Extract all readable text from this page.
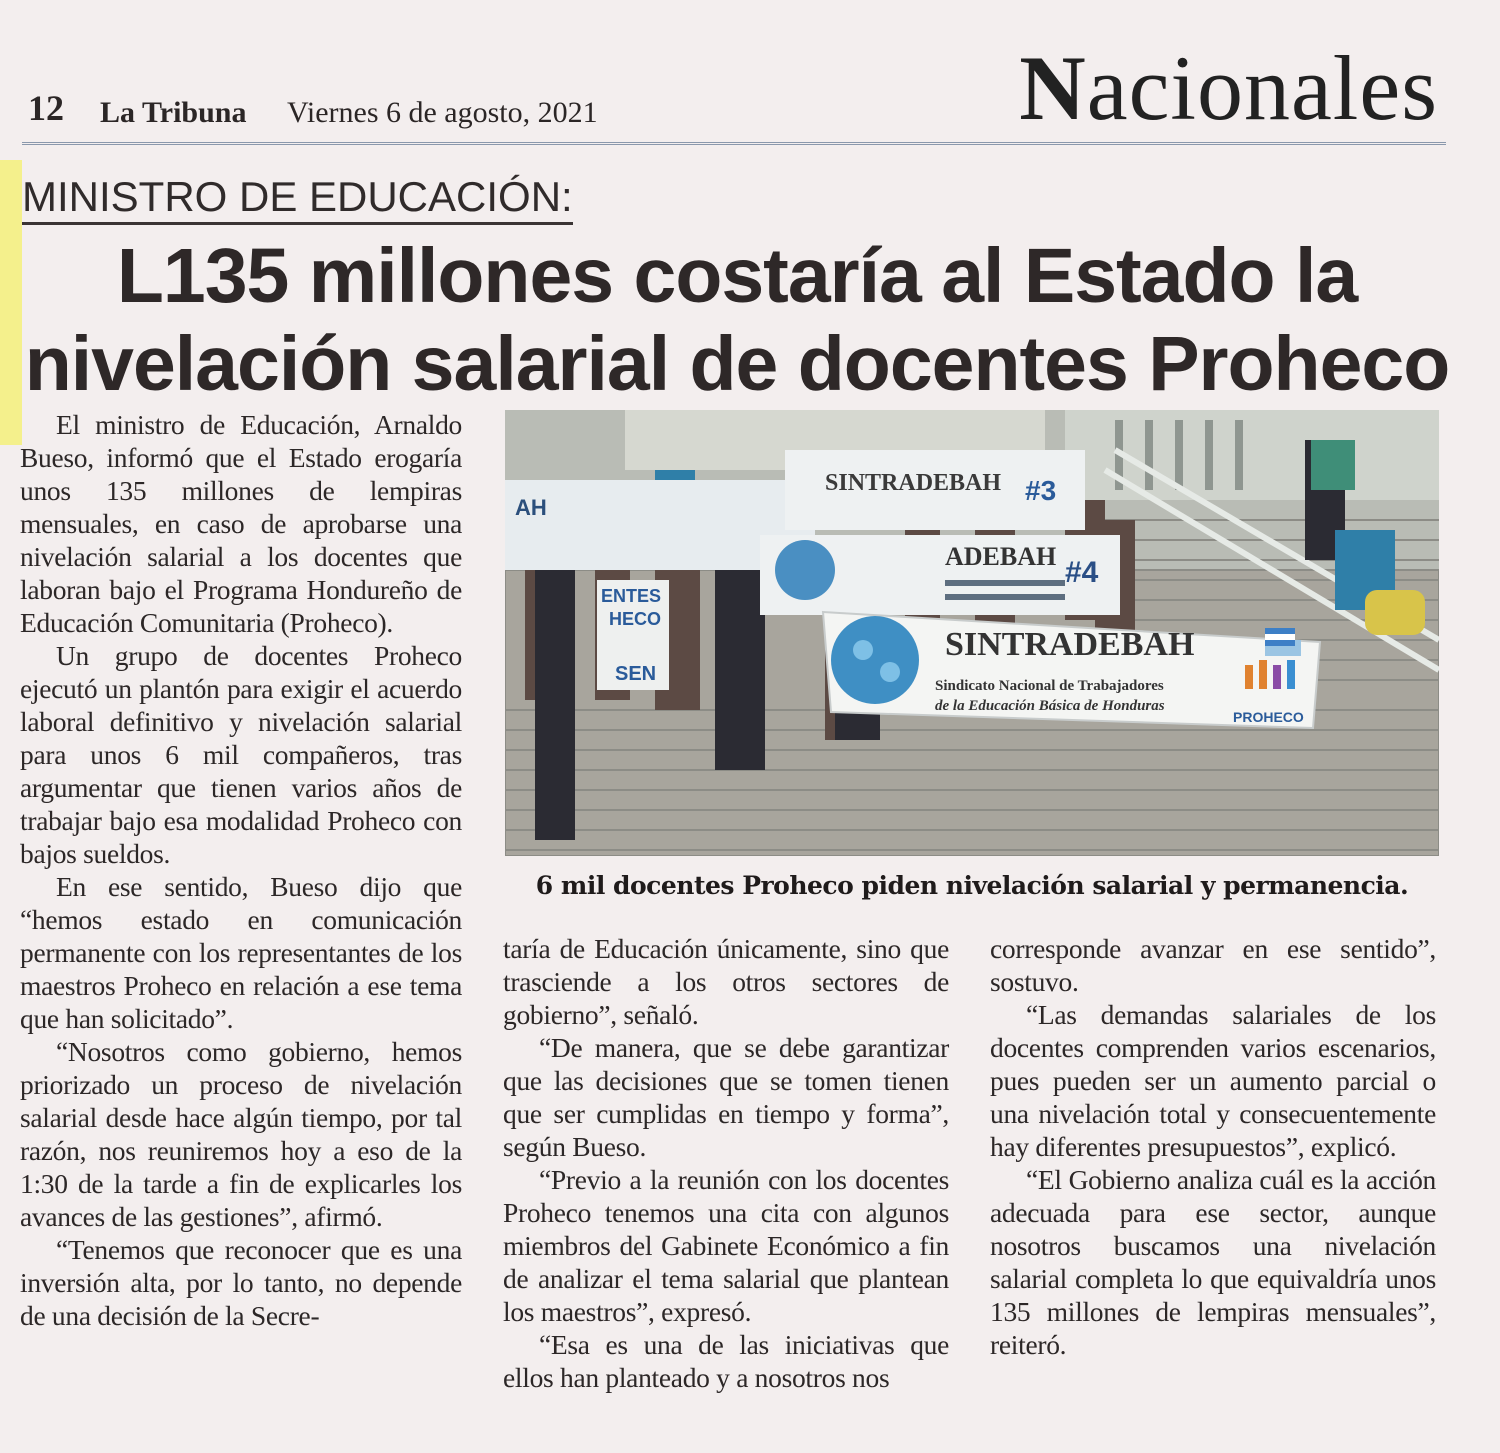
12 La Tribuna Viernes 6 de agosto, 2021	Nacionales
MINISTRO DE EDUCACIÓN:
L135 millones costaría al Estado la
nivelación salarial de docentes Proheco

El ministro de Educación, Arnaldo Bueso, informó que el Estado erogaría unos 135 millones de lempiras mensuales, en caso de aprobarse una nivelación salarial a los docentes que laboran bajo el Programa Hondureño de Educación Comunitaria (Proheco).

Un grupo de docentes Proheco ejecutó un plantón para exigir el acuerdo laboral definitivo y nivelación salarial para unos 6 mil compañeros, tras argumentar que tienen varios años de trabajar bajo esa modalidad Proheco con bajos sueldos.

En ese sentido, Bueso dijo que “hemos estado en comunicación permanente con los representantes de los maestros Proheco en relación a ese tema que han solicitado”.

“Nosotros como gobierno, hemos priorizado un proceso de nivelación salarial desde hace algún tiempo, por tal razón, nos reuniremos hoy a eso de la 1:30 de la tarde a fin de explicarles los avances de las gestiones”, afirmó.

“Tenemos que reconocer que es una inversión alta, por lo tanto, no depende de una decisión de la Secre-

AH
SINTRADEBAH #3
ADEBAH #4
SINTRADEBAH
Sindicato Nacional de Trabajadores
de la Educación Básica de Honduras
PROHECO
ENTES
HECO
SEN
6 mil docentes Proheco piden nivelación salarial y permanencia.

taría de Educación únicamente, sino que trasciende a los otros sectores de gobierno”, señaló.

“De manera, que se debe garantizar que las decisiones que se tomen tienen que ser cumplidas en tiempo y forma”, según Bueso.

“Previo a la reunión con los docentes Proheco tenemos una cita con algunos miembros del Gabinete Económico a fin de analizar el tema salarial que plantean los maestros”, expresó.

“Esa es una de las iniciativas que ellos han planteado y a nosotros nos

corresponde avanzar en ese sentido”, sostuvo.

“Las demandas salariales de los docentes comprenden varios escenarios, pues pueden ser un aumento parcial o una nivelación total y consecuentemente hay diferentes presupuestos”, explicó.

“El Gobierno analiza cuál es la acción adecuada para ese sector, aunque nosotros buscamos una nivelación salarial completa lo que equivaldría unos 135 millones de lempiras mensuales”, reiteró.
